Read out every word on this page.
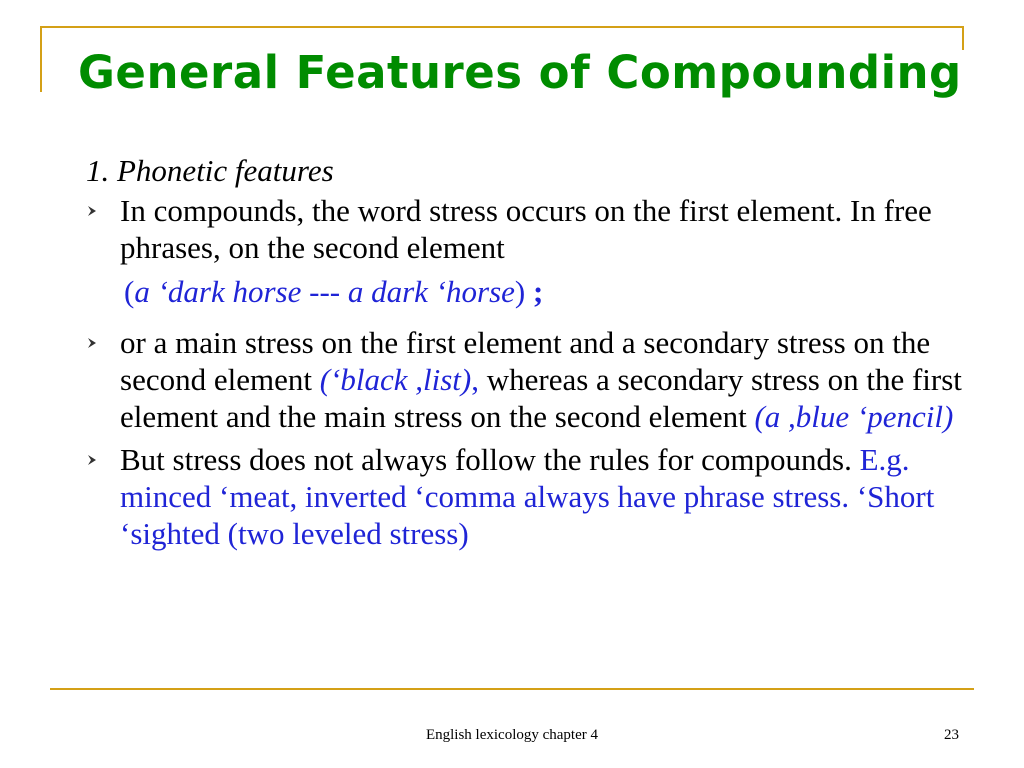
General Features of Compounding
1. Phonetic features
In compounds, the word stress occurs on the first element. In free phrases, on the second element
(a ‘dark horse --- a dark ‘horse) ;
or a main stress on the first element and a secondary stress on the second element (‘black ,list), whereas a secondary stress on the first element and the main stress on the second element (a ,blue ‘pencil)
But stress does not always follow the rules for compounds. E.g. minced ‘meat, inverted ‘comma always have phrase stress. ‘Short ‘sighted (two leveled stress)
English lexicology chapter 4	23
